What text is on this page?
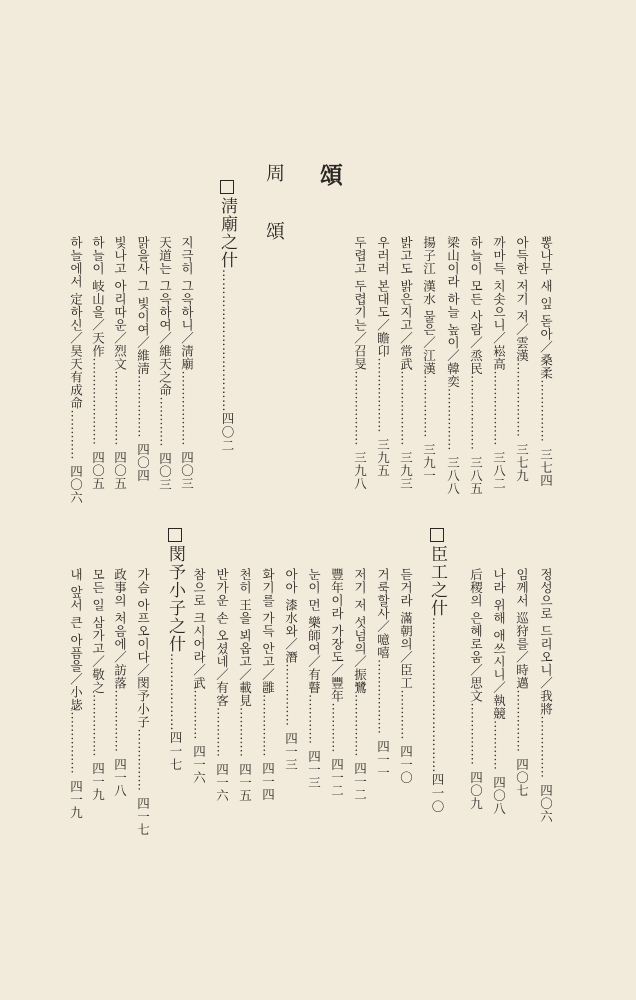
頌
周　頌
뽕나무 새 잎 돋아／桑柔……………三七四
아득한 저기 저／雲漢………………三七九
까마득 치솟으니／崧高………………三八二
하늘이 모든 사람／烝民………………三八五
梁山이라 하늘 높이／韓奕……………三八八
揚子江 漢水 물은／江漢……………三九一
밝고도 밝은지고／常武………………三九三
우러러 본대도／瞻卬………………三九五
두렵고 두렵기는／召旻………………三九八
淸廟之什……………………………四〇二
지극히 그윽하니／淸廟………………四〇三
天道는 그윽하여／維天之命…………四〇三
맑을사 그 빛이여／維淸……………四〇四
빛나고 아리따운／烈文………………四〇五
하늘이 岐山을／天作…………………四〇五
하늘에서 定하신／昊天有成命…………四〇六
정성으로 드리오니／我將……………四〇六
임께서 巡狩를／時邁……………四〇七
나라 위해 애쓰시니／執競…………四〇八
后稷의 은혜로움／思文……………四〇九
臣工之什………………………………四一〇
듣거라 滿朝의／臣工…………四一〇
거룩할사／噫嘻………………四一一
저기 저 섯넘의／振鷺……………四一二
豐年이라 가장도／豐年…………四一二
눈이 먼 樂師여／有瞽…………四一三
아아 漆水와／潛……………四一三
화기를 가득 안고／雝……………四一四
천히 王을 뵈옵고／載見…………四一五
반가운 손 오셨네／有客…………四一六
참으로 크시어라／武…………四一六
閔予小子之什………………四一七
가슴 아프오이다／閔予小子……………四一七
政事의 처음에／訪落……………四一八
모든 일 삼가고／敬之……………四一九
내 앞서 큰 아픔을／小毖……………四一九
